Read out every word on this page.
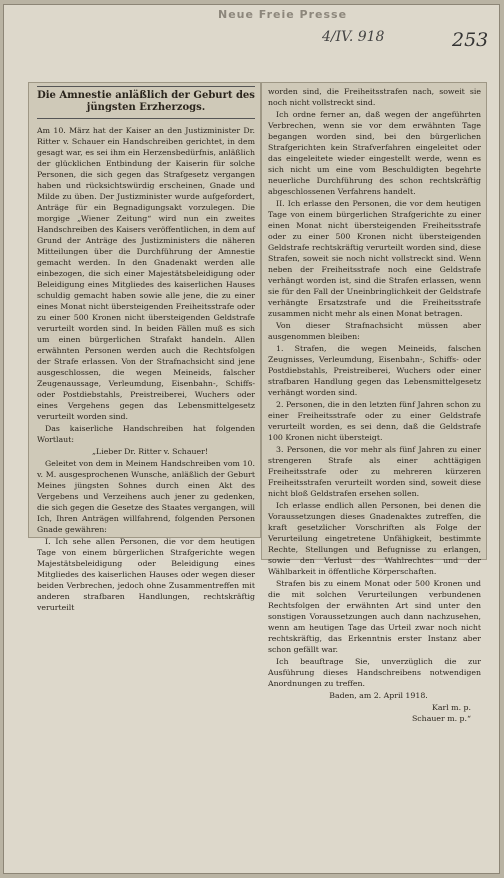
Neue Freie Presse
4/IV. 918	253
Die Amnestie anläßlich der Geburt des
jüngsten Erzherzogs.

Am 10. März hat der Kaiser an den Justizminister Dr. Ritter v. Schauer ein Handschreiben gerichtet, in dem gesagt war, es sei ihm ein Herzensbedürfnis, anläßlich der glücklichen Entbindung der Kaiserin für solche Personen, die sich gegen das Strafgesetz vergangen haben und rücksichtswürdig erscheinen, Gnade und Milde zu üben. Der Justizminister wurde aufgefordert, Anträge für ein Begnadigungsakt vorzulegen. Die morgige „Wiener Zeitung“ wird nun ein zweites Handschreiben des Kaisers veröffentlichen, in dem auf Grund der Anträge des Justizministers die näheren Mitteilungen über die Durchführung der Amnestie gemacht werden. In den Gnadenakt werden alle einbezogen, die sich einer Majestätsbeleidigung oder Beleidigung eines Mitgliedes des kaiserlichen Hauses schuldig gemacht haben sowie alle jene, die zu einer eines Monat nicht übersteigenden Freiheitsstrafe oder zu einer 500 Kronen nicht übersteigenden Geldstrafe verurteilt worden sind. In beiden Fällen muß es sich um einen bürgerlichen Strafakt handeln. Allen erwähnten Personen werden auch die Rechtsfolgen der Strafe erlassen. Von der Strafnachsicht sind jene ausgeschlossen, die wegen Meineids, falscher Zeugenaussage, Verleumdung, Eisenbahn-, Schiffs- oder Postdiebstahls, Preistreiberei, Wuchers oder eines Vergehens gegen das Lebensmittelgesetz verurteilt worden sind.

Das kaiserliche Handschreiben hat folgenden Wortlaut:

„Lieber Dr. Ritter v. Schauer!

Geleitet von dem in Meinem Handschreiben vom 10. v. M. ausgesprochenen Wunsche, anläßlich der Geburt Meines jüngsten Sohnes durch einen Akt des Vergebens und Verzeihens auch jener zu gedenken, die sich gegen die Gesetze des Staates vergangen, will Ich, Ihren Anträgen willfahrend, folgenden Personen Gnade gewähren:

I. Ich sehe allen Personen, die vor dem heutigen Tage von einem bürgerlichen Strafgerichte wegen Majestätsbeleidigung oder Beleidigung eines Mitgliedes des kaiserlichen Hauses oder wegen dieser beiden Verbrechen, jedoch ohne Zusammentreffen mit anderen strafbaren Handlungen, rechtskräftig verurteilt

worden sind, die Freiheitsstrafen nach, soweit sie noch nicht vollstreckt sind.

Ich ordne ferner an, daß wegen der angeführten Verbrechen, wenn sie vor dem erwähnten Tage begangen worden sind, bei den bürgerlichen Strafgerichten kein Strafverfahren eingeleitet oder das eingeleitete wieder eingestellt werde, wenn es sich nicht um eine vom Beschuldigten begehrte neuerliche Durchführung des schon rechtskräftig abgeschlossenen Verfahrens handelt.

II. Ich erlasse den Personen, die vor dem heutigen Tage von einem bürgerlichen Strafgerichte zu einer einen Monat nicht übersteigenden Freiheitsstrafe oder zu einer 500 Kronen nicht übersteigenden Geldstrafe rechtskräftig verurteilt worden sind, diese Strafen, soweit sie noch nicht vollstreckt sind. Wenn neben der Freiheitsstrafe noch eine Geldstrafe verhängt worden ist, sind die Strafen erlassen, wenn sie für den Fall der Uneinbringlichkeit der Geldstrafe verhängte Ersatzstrafe und die Freiheitsstrafe zusammen nicht mehr als einen Monat betragen.

Von dieser Strafnachsicht müssen aber ausgenommen bleiben:

1. Strafen, die wegen Meineids, falschen Zeugnisses, Verleumdung, Eisenbahn-, Schiffs- oder Postdiebstahls, Preistreiberei, Wuchers oder einer strafbaren Handlung gegen das Lebensmittelgesetz verhängt worden sind.

2. Personen, die in den letzten fünf Jahren schon zu einer Freiheitsstrafe oder zu einer Geldstrafe verurteilt worden, es sei denn, daß die Geldstrafe 100 Kronen nicht übersteigt.

3. Personen, die vor mehr als fünf Jahren zu einer strengeren Strafe als einer achttägigen Freiheitsstrafe oder zu mehreren kürzeren Freiheitsstrafen verurteilt worden sind, soweit diese nicht bloß Geldstrafen ersehen sollen.

Ich erlasse endlich allen Personen, bei denen die Voraussetzungen dieses Gnadenaktes zutreffen, die kraft gesetzlicher Vorschriften als Folge der Verurteilung eingetretene Unfähigkeit, bestimmte Rechte, Stellungen und Befugnisse zu erlangen, sowie den Verlust des Wahlrechtes und der Wählbarkeit in öffentliche Körperschaften.

Strafen bis zu einem Monat oder 500 Kronen und die mit solchen Verurteilungen verbundenen Rechtsfolgen der erwähnten Art sind unter den sonstigen Voraussetzungen auch dann nachzusehen, wenn am heutigen Tage das Urteil zwar noch nicht rechtskräftig, das Erkenntnis erster Instanz aber schon gefällt war.

Ich beauftrage Sie, unverzüglich die zur Ausführung dieses Handschreibens notwendigen Anordnungen zu treffen.

Baden, am 2. April 1918.

Karl m. p.
Schauer m. p.“
